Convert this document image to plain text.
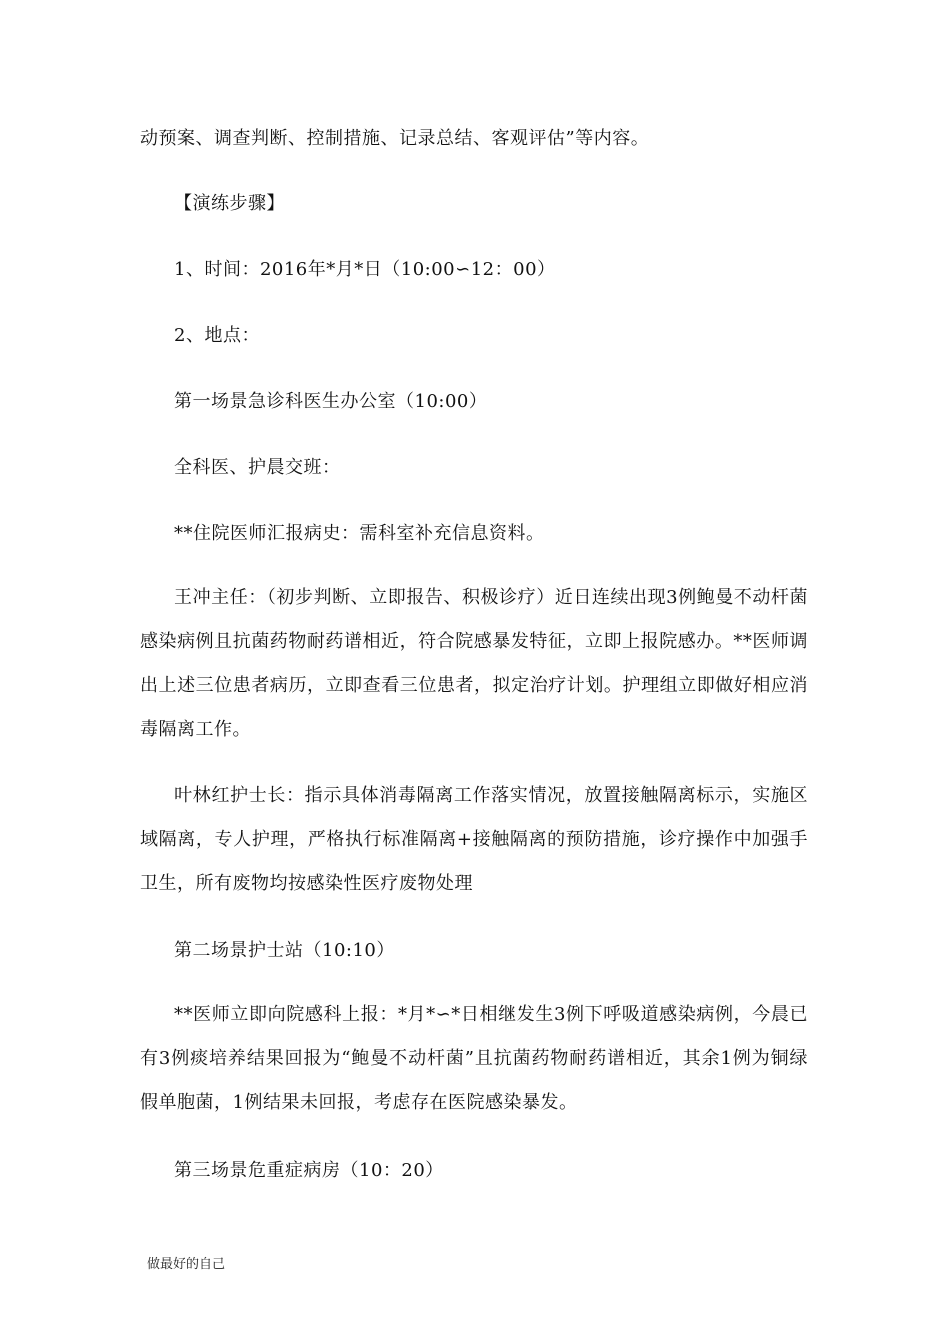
动预案、调查判断、控制措施、记录总结、客观评估”等内容。
【演练步骤】
1、时间：2016年*月*日（10:00∽12：00）
2、地点：
第一场景急诊科医生办公室（10:00）
全科医、护晨交班：
**住院医师汇报病史：需科室补充信息资料。
王冲主任：（初步判断、立即报告、积极诊疗）近日连续出现3例鲍曼不动杆菌感染病例且抗菌药物耐药谱相近，符合院感暴发特征，立即上报院感办。**医师调出上述三位患者病历，立即查看三位患者，拟定治疗计划。护理组立即做好相应消毒隔离工作。
叶林红护士长：指示具体消毒隔离工作落实情况，放置接触隔离标示，实施区域隔离，专人护理，严格执行标准隔离+接触隔离的预防措施，诊疗操作中加强手卫生，所有废物均按感染性医疗废物处理
第二场景护士站（10:10）
**医师立即向院感科上报：*月*∽*日相继发生3例下呼吸道感染病例，今晨已有3例痰培养结果回报为“鲍曼不动杆菌”且抗菌药物耐药谱相近，其余1例为铜绿假单胞菌，1例结果未回报，考虑存在医院感染暴发。
第三场景危重症病房（10：20）
做最好的自己
